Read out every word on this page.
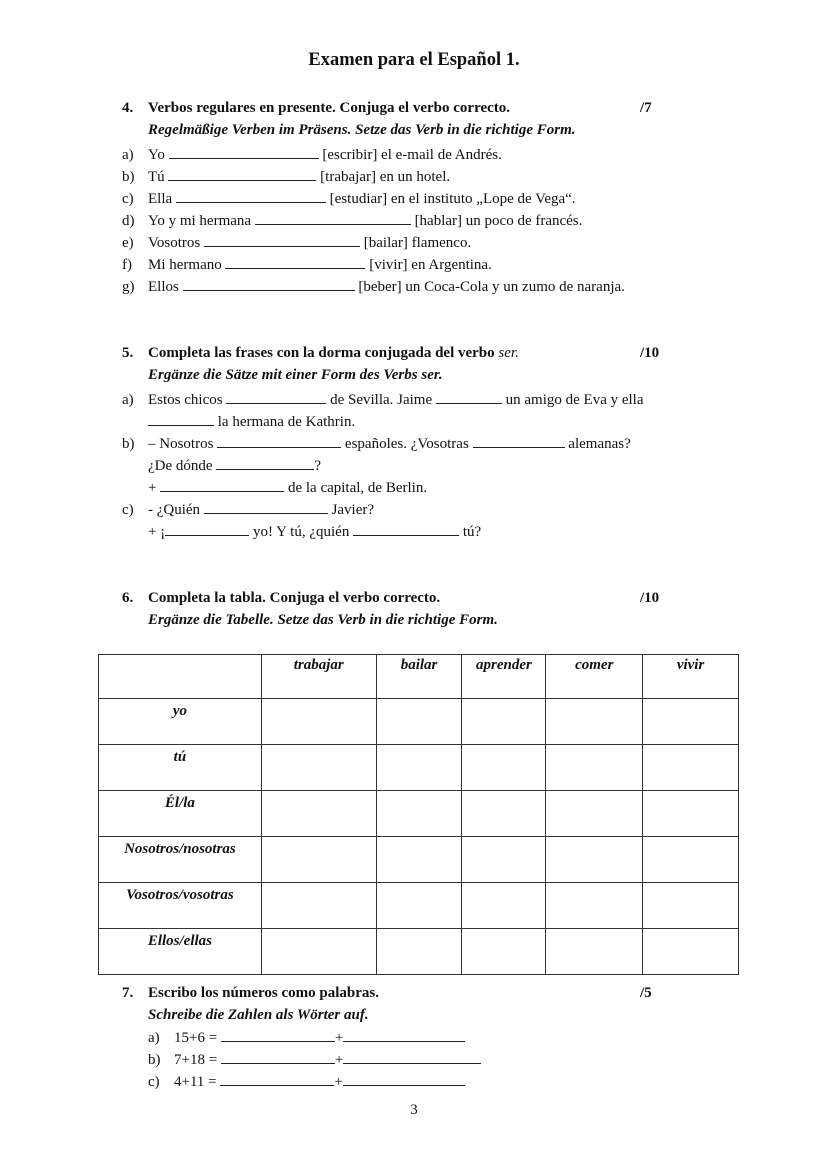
Examen para el Español 1.
4. Verbos regulares en presente. Conjuga el verbo correcto.	/7
Regelmäßige Verben im Präsens. Setze das Verb in die richtige Form.
a) Yo	[escribir] el e-mail de Andrés.
b) Tú	[trabajar] en un hotel.
c) Ella	[estudiar] en el instituto „Lope de Vega“.
d) Yo y mi hermana	[hablar] un poco de francés.
e) Vosotros	[bailar] flamenco.
f) Mi hermano	[vivir] en Argentina.
g) Ellos	[beber] un Coca-Cola y un zumo de naranja.
5. Completa las frases con la dorma conjugada del verbo ser.	/10
Ergänze die Sätze mit einer Form des Verbs ser.
a) Estos chicos	de Sevilla. Jaime	un amigo de Eva y ella
la hermana de Kathrin.
b) – Nosotros	españoles. ¿Vosotras	alemanas?
¿De dónde	?
+	de la capital, de Berlin.
c) - ¿Quién	Javier?
+ ¡	yo! Y tú, ¿quién	tú?
6. Completa la tabla. Conjuga el verbo correcto.	/10
Ergänze die Tabelle. Setze das Verb in die richtige Form.
	trabajar	bailar	aprender	comer	vivir
yo					
tú					
Él/la					
Nosotros/nosotras					
Vosotros/vosotras					
Ellos/ellas					
7. Escribo los números como palabras.	/5
Schreibe die Zahlen als Wörter auf.
a) 15+6 =	+
b) 7+18 =	+
c) 4+11 =	+
3
